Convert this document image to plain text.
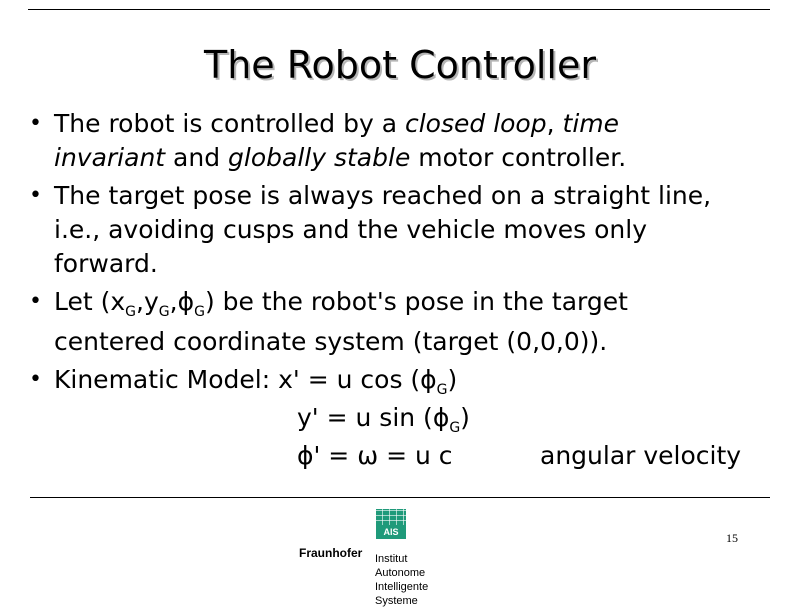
The Robot Controller
• The robot is controlled by a closed loop, time
invariant and globally stable motor controller.
• The target pose is always reached on a straight line,
i.e., avoiding cusps and the vehicle moves only
forward.
• Let $(x_G,y_G,\phi_G)$ be the robot's pose in the target
centered coordinate system (target (0,0,0)).
• Kinematic Model: x' = u $\cos (\phi_G)$
y' = u $\sin (\phi_G)$
ϕ' = ω = u c	angular velocity
15
AIS
Fraunhofer Institut
Autonome Intelligente
Systeme
